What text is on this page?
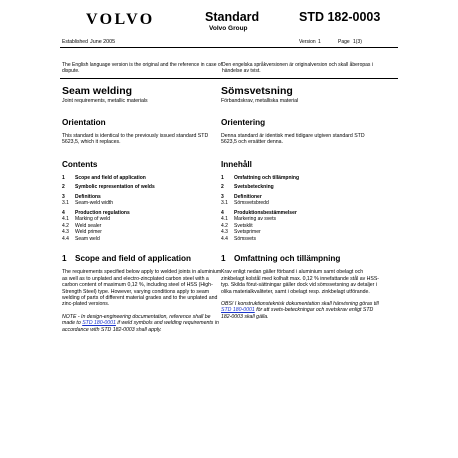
VOLVO	Standard
Volvo Group
STD 182-0003
Established June 2005	Version 1	Page 1(3)
The English language version is the original and the reference in case of dispute.
Den engelska språkversionen är originalversion och skall åberopas i händelse av tvist.
Seam welding
Joint requirements, metallic materials
Orientation
This standard is identical to the previously issued standard STD 5623,5, which it replaces.
Contents
1	Scope and field of application
2	Symbolic representation of welds
3	Definitions
3.1	Seam-weld width
4	Production regulations
4.1	Marking of weld
4.2	Weld sealer
4.3	Weld primer
4.4	Seam weld
1	Scope and field of application
The requirements specified below apply to welded joints in aluminium as well as to unplated and electro-zincplated carbon steel with a carbon content of maximum 0,12 %, including steel of HSS (High-Strength Steel) type. However, varying conditions apply to seam welding of parts of different material grades and to the unplated and zinc-plated versions.
NOTE - In design-engineering documentation, reference shall be made to STD 180-0001 if weld symbols and welding requirements in accordance with STD 182-0003 shall apply.
Sömsvetsning
Förbandskrav, metalliska material
Orientering
Denna standard är identisk med tidigare utgiven standard STD 5623,5 och ersätter denna.
Innehåll
1	Omfattning och tillämpning
2	Svetsbeteckning
3	Definitioner
3.1	Sömsvetsbredd
4	Produktionsbestämmelser
4.1	Markering av svets
4.2	Svetsklit
4.3	Svetsprimer
4.4	Sömsvets
1	Omfattning och tillämpning
Krav enligt nedan gäller förband i aluminium samt obelagt och zinkbelagt kolstål med kolhalt max. 0,12 % innefattande stål av HSS-typ. Skilda förut-sättningar gäller dock vid sömsvetsning av detaljer i olika materialkvaliteter, samt i obelagt resp. zinkbelagt utförande.
OBS! I konstruktionsteknisk dokumentation skall hänvisning göras till STD 180-0001 för att svets-beteckningar och svetskrav enligt STD 182-0003 skall gälla.
